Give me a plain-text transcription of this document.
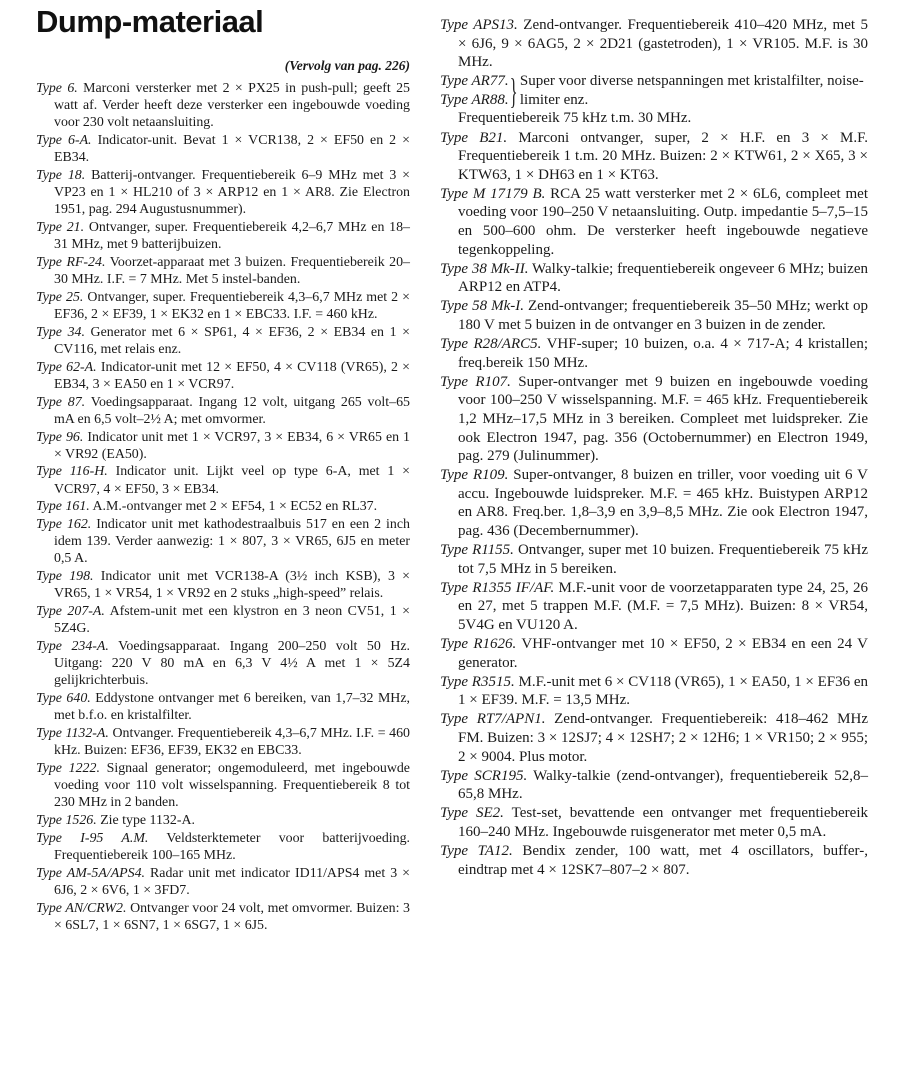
Dump-materiaal
(Vervolg van pag. 226)

Type 6. Marconi versterker met 2 × PX25 in push-pull; geeft 25 watt af. Verder heeft deze versterker een ingebouwde voeding voor 230 volt netaansluiting.

Type 6-A. Indicator-unit. Bevat 1 × VCR138, 2 × EF50 en 2 × EB34.

Type 18. Batterij-ontvanger. Frequentiebereik 6–9 MHz met 3 × VP23 en 1 × HL210 of 3 × ARP12 en 1 × AR8. Zie Electron 1951, pag. 294 Augustusnummer).

Type 21. Ontvanger, super. Frequentiebereik 4,2–6,7 MHz en 18–31 MHz, met 9 batterijbuizen.

Type RF-24. Voorzet-apparaat met 3 buizen. Frequentiebereik 20–30 MHz. I.F. = 7 MHz. Met 5 instel-banden.

Type 25. Ontvanger, super. Frequentiebereik 4,3–6,7 MHz met 2 × EF36, 2 × EF39, 1 × EK32 en 1 × EBC33. I.F. = 460 kHz.

Type 34. Generator met 6 × SP61, 4 × EF36, 2 × EB34 en 1 × CV116, met relais enz.

Type 62-A. Indicator-unit met 12 × EF50, 4 × CV118 (VR65), 2 × EB34, 3 × EA50 en 1 × VCR97.

Type 87. Voedingsapparaat. Ingang 12 volt, uitgang 265 volt–65 mA en 6,5 volt–2½ A; met omvormer.

Type 96. Indicator unit met 1 × VCR97, 3 × EB34, 6 × VR65 en 1 × VR92 (EA50).

Type 116-H. Indicator unit. Lijkt veel op type 6-A, met 1 × VCR97, 4 × EF50, 3 × EB34.

Type 161. A.M.-ontvanger met 2 × EF54, 1 × EC52 en RL37.

Type 162. Indicator unit met kathodestraalbuis 517 en een 2 inch idem 139. Verder aanwezig: 1 × 807, 3 × VR65, 6J5 en meter 0,5 A.

Type 198. Indicator unit met VCR138-A (3½ inch KSB), 3 × VR65, 1 × VR54, 1 × VR92 en 2 stuks „high-speed” relais.

Type 207-A. Afstem-unit met een klystron en 3 neon CV51, 1 × 5Z4G.

Type 234-A. Voedingsapparaat. Ingang 200–250 volt 50 Hz. Uitgang: 220 V 80 mA en 6,3 V 4½ A met 1 × 5Z4 gelijkrichterbuis.

Type 640. Eddystone ontvanger met 6 bereiken, van 1,7–32 MHz, met b.f.o. en kristalfilter.

Type 1132-A. Ontvanger. Frequentiebereik 4,3–6,7 MHz. I.F. = 460 kHz. Buizen: EF36, EF39, EK32 en EBC33.

Type 1222. Signaal generator; ongemoduleerd, met ingebouwde voeding voor 110 volt wisselspanning. Frequentiebereik 8 tot 230 MHz in 2 banden.

Type 1526. Zie type 1132-A.

Type I-95 A.M. Veldsterktemeter voor batterijvoeding. Frequentiebereik 100–165 MHz.

Type AM-5A/APS4. Radar unit met indicator ID11/APS4 met 3 × 6J6, 2 × 6V6, 1 × 3FD7.

Type AN/CRW2. Ontvanger voor 24 volt, met omvormer. Buizen: 3 × 6SL7, 1 × 6SN7, 1 × 6SG7, 1 × 6J5.

Type APS13. Zend-ontvanger. Frequentiebereik 410–420 MHz, met 5 × 6J6, 9 × 6AG5, 2 × 2D21 (gastetroden), 1 × VR105. M.F. is 30 MHz.

Type AR77.
Type AR88. } Super voor diverse netspanningen met kristalfilter, noise-limiter enz.

Frequentiebereik 75 kHz t.m. 30 MHz.

Type B21. Marconi ontvanger, super, 2 × H.F. en 3 × M.F. Frequentiebereik 1 t.m. 20 MHz. Buizen: 2 × KTW61, 2 × X65, 3 × KTW63, 1 × DH63 en 1 × KT63.

Type M 17179 B. RCA 25 watt versterker met 2 × 6L6, compleet met voeding voor 190–250 V netaansluiting. Outp. impedantie 5–7,5–15 en 500–600 ohm. De versterker heeft ingebouwde negatieve tegenkoppeling.

Type 38 Mk-II. Walky-talkie; frequentiebereik ongeveer 6 MHz; buizen ARP12 en ATP4.

Type 58 Mk-I. Zend-ontvanger; frequentiebereik 35–50 MHz; werkt op 180 V met 5 buizen in de ontvanger en 3 buizen in de zender.

Type R28/ARC5. VHF-super; 10 buizen, o.a. 4 × 717-A; 4 kristallen; freq.bereik 150 MHz.

Type R107. Super-ontvanger met 9 buizen en ingebouwde voeding voor 100–250 V wisselspanning. M.F. = 465 kHz. Frequentiebereik 1,2 MHz–17,5 MHz in 3 bereiken. Compleet met luidspreker. Zie ook Electron 1947, pag. 356 (Octobernummer) en Electron 1949, pag. 279 (Julinummer).

Type R109. Super-ontvanger, 8 buizen en triller, voor voeding uit 6 V accu. Ingebouwde luidspreker. M.F. = 465 kHz. Buistypen ARP12 en AR8. Freq.ber. 1,8–3,9 en 3,9–8,5 MHz. Zie ook Electron 1947, pag. 436 (Decembernummer).

Type R1155. Ontvanger, super met 10 buizen. Frequentiebereik 75 kHz tot 7,5 MHz in 5 bereiken.

Type R1355 IF/AF. M.F.-unit voor de voorzetapparaten type 24, 25, 26 en 27, met 5 trappen M.F. (M.F. = 7,5 MHz). Buizen: 8 × VR54, 5V4G en VU120 A.

Type R1626. VHF-ontvanger met 10 × EF50, 2 × EB34 en een 24 V generator.

Type R3515. M.F.-unit met 6 × CV118 (VR65), 1 × EA50, 1 × EF36 en 1 × EF39. M.F. = 13,5 MHz.

Type RT7/APN1. Zend-ontvanger. Frequentiebereik: 418–462 MHz FM. Buizen: 3 × 12SJ7; 4 × 12SH7; 2 × 12H6; 1 × VR150; 2 × 955; 2 × 9004. Plus motor.

Type SCR195. Walky-talkie (zend-ontvanger), frequentiebereik 52,8–65,8 MHz.

Type SE2. Test-set, bevattende een ontvanger met frequentiebereik 160–240 MHz. Ingebouwde ruisgenerator met meter 0,5 mA.

Type TA12. Bendix zender, 100 watt, met 4 oscillators, buffer-, eindtrap met 4 × 12SK7–807–2 × 807.
